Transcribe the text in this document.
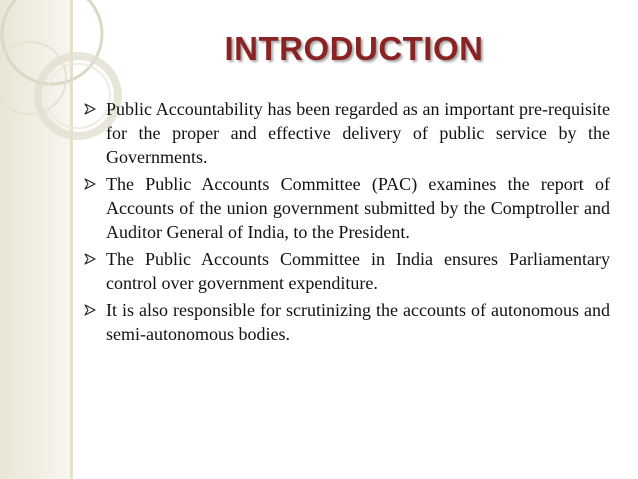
INTRODUCTION
Public Accountability has been regarded as an important pre-requisite for the proper and effective delivery of public service by the Governments.
The Public Accounts Committee (PAC) examines the report of Accounts of the union government submitted by the Comptroller and Auditor General of India, to the President.
The Public Accounts Committee in India ensures Parliamentary control over government expenditure.
It is also responsible for scrutinizing the accounts of autonomous and semi-autonomous bodies.
